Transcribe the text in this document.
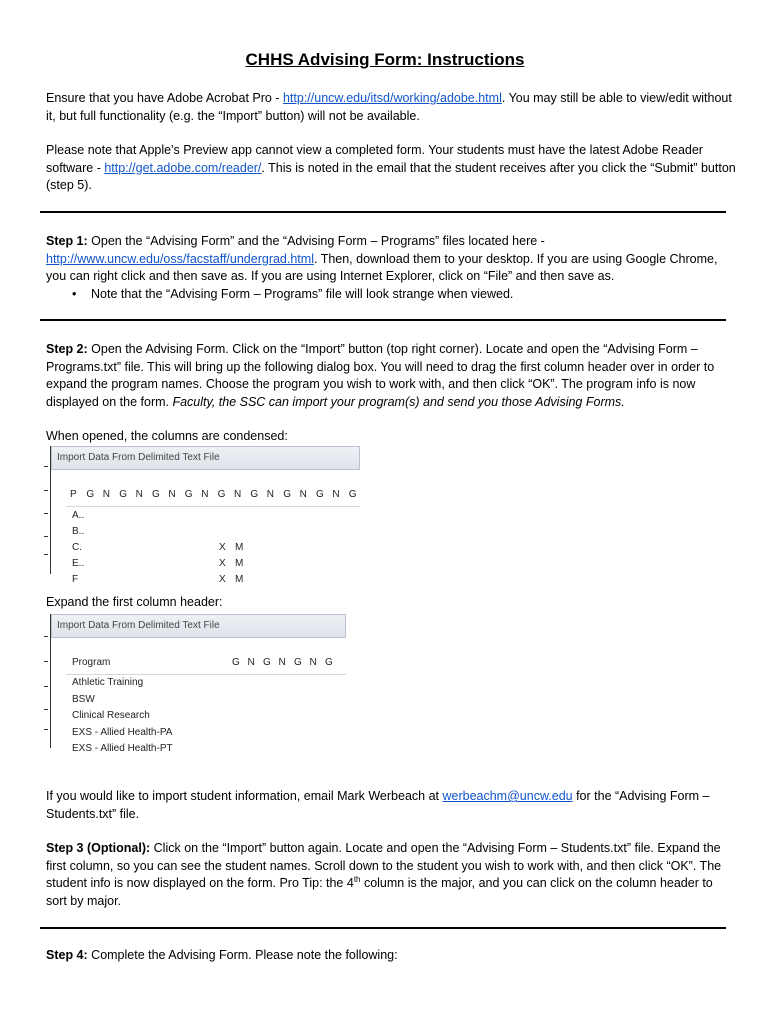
CHHS Advising Form: Instructions

Ensure that you have Adobe Acrobat Pro - http://uncw.edu/itsd/working/adobe.html. You may still be able to view/edit without it, but full functionality (e.g. the “Import” button) will not be available.

Please note that Apple's Preview app cannot view a completed form. Your students must have the latest Adobe Reader software - http://get.adobe.com/reader/. This is noted in the email that the student receives after you click the “Submit” button (step 5).

Step 1: Open the “Advising Form” and the “Advising Form – Programs” files located here - http://www.uncw.edu/oss/facstaff/undergrad.html. Then, download them to your desktop. If you are using Google Chrome, you can right click and then save as. If you are using Internet Explorer, click on “File” and then save as.

• Note that the “Advising Form – Programs” file will look strange when viewed.

Step 2: Open the Advising Form. Click on the “Import” button (top right corner). Locate and open the “Advising Form – Programs.txt” file. This will bring up the following dialog box. You will need to drag the first column header over in order to expand the program names. Choose the program you wish to work with, and then click “OK”. The program info is now displayed on the form. Faculty, the SSC can import your program(s) and send you those Advising Forms.

When opened, the columns are condensed:

Import Data From Delimited Text File
P G N G N G N G N G N G N G N G N G
A..
B..
C.	X M
E..	X M
F	X M

Expand the first column header:

Import Data From Delimited Text File
Program	G N G N G N G
Athletic Training
BSW
Clinical Research
EXS - Allied Health-PA
EXS - Allied Health-PT

If you would like to import student information, email Mark Werbeach at werbeachm@uncw.edu for the “Advising Form – Students.txt” file.

Step 3 (Optional): Click on the “Import” button again. Locate and open the “Advising Form – Students.txt” file. Expand the first column, so you can see the student names. Scroll down to the student you wish to work with, and then click “OK”. The student info is now displayed on the form. Pro Tip: the 4th column is the major, and you can click on the column header to sort by major.

Step 4: Complete the Advising Form. Please note the following:
